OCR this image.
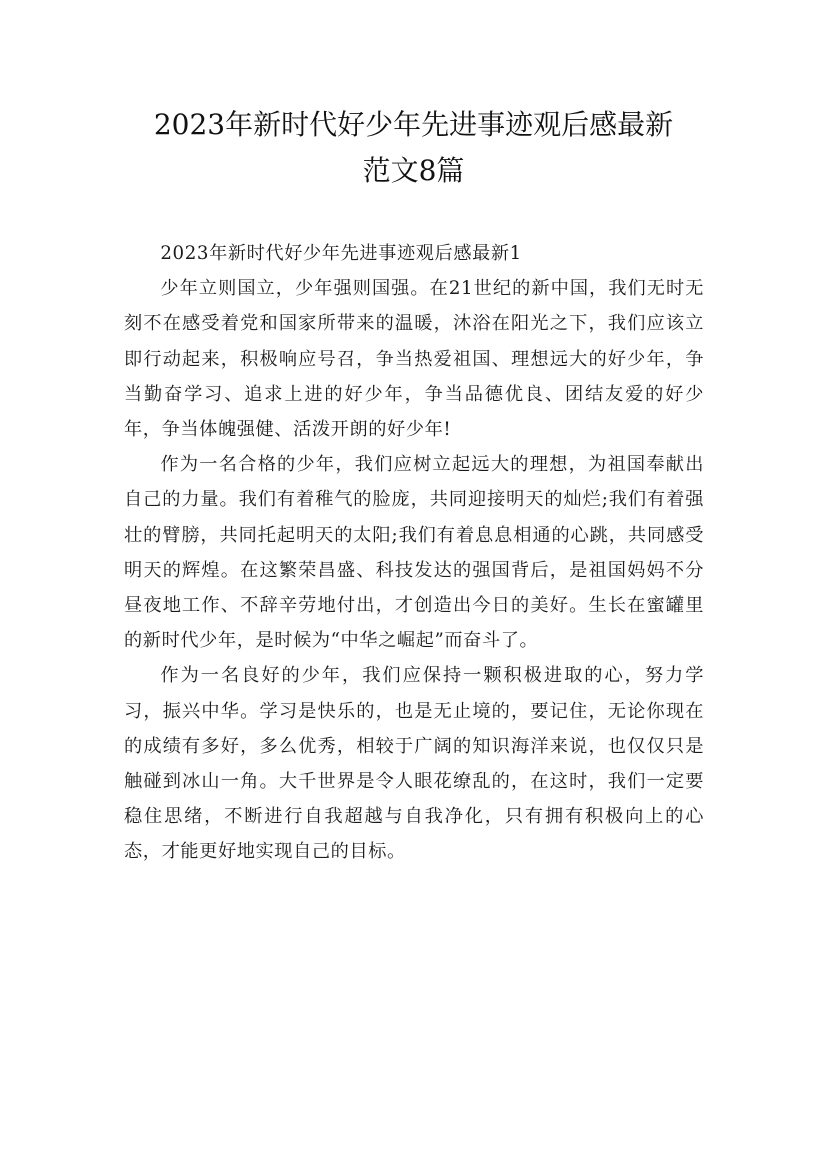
2023年新时代好少年先进事迹观后感最新
范文8篇

2023年新时代好少年先进事迹观后感最新1

少年立则国立，少年强则国强。在21世纪的新中国，我们无时无刻不在感受着党和国家所带来的温暖，沐浴在阳光之下，我们应该立即行动起来，积极响应号召，争当热爱祖国、理想远大的好少年，争当勤奋学习、追求上进的好少年，争当品德优良、团结友爱的好少年，争当体魄强健、活泼开朗的好少年!

作为一名合格的少年，我们应树立起远大的理想，为祖国奉献出自己的力量。我们有着稚气的脸庞，共同迎接明天的灿烂;我们有着强壮的臂膀，共同托起明天的太阳;我们有着息息相通的心跳，共同感受明天的辉煌。在这繁荣昌盛、科技发达的强国背后，是祖国妈妈不分昼夜地工作、不辞辛劳地付出，才创造出今日的美好。生长在蜜罐里的新时代少年，是时候为“中华之崛起”而奋斗了。

作为一名良好的少年，我们应保持一颗积极进取的心，努力学习，振兴中华。学习是快乐的，也是无止境的，要记住，无论你现在的成绩有多好，多么优秀，相较于广阔的知识海洋来说，也仅仅只是触碰到冰山一角。大千世界是令人眼花缭乱的，在这时，我们一定要稳住思绪，不断进行自我超越与自我净化，只有拥有积极向上的心态，才能更好地实现自己的目标。
